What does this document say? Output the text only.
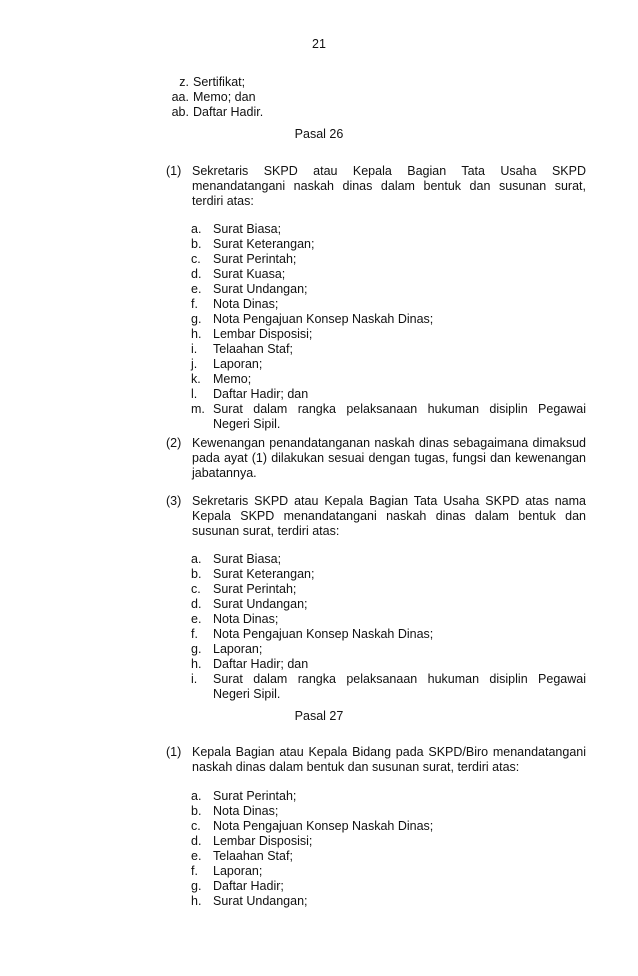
21
z. Sertifikat;
aa. Memo; dan
ab. Daftar Hadir.
Pasal 26
(1) Sekretaris SKPD atau Kepala Bagian Tata Usaha SKPD
menandatangani naskah dinas dalam bentuk dan susunan surat,
terdiri atas:
a. Surat Biasa;
b. Surat Keterangan;
c. Surat Perintah;
d. Surat Kuasa;
e. Surat Undangan;
f.	Nota Dinas;
g. Nota Pengajuan Konsep Naskah Dinas;
h. Lembar Disposisi;
i.	Telaahan Staf;
j.	Laporan;
k. Memo;
l.	Daftar Hadir; dan
m. Surat dalam rangka pelaksanaan hukuman disiplin Pegawai
Negeri Sipil.
(2) Kewenangan penandatanganan naskah dinas sebagaimana dimaksud
pada ayat (1) dilakukan sesuai dengan tugas, fungsi dan kewenangan
jabatannya.
(3) Sekretaris SKPD atau Kepala Bagian Tata Usaha SKPD atas nama
Kepala SKPD menandatangani naskah dinas dalam bentuk dan
susunan surat, terdiri atas:
a. Surat Biasa;
b. Surat Keterangan;
c. Surat Perintah;
d. Surat Undangan;
e. Nota Dinas;
f.	Nota Pengajuan Konsep Naskah Dinas;
g. Laporan;
h. Daftar Hadir; dan
i.	Surat dalam rangka pelaksanaan hukuman disiplin Pegawai
Negeri Sipil.
Pasal 27
(1) Kepala Bagian atau Kepala Bidang pada SKPD/Biro menandatangani
naskah dinas dalam bentuk dan susunan surat, terdiri atas:
a. Surat Perintah;
b. Nota Dinas;
c. Nota Pengajuan Konsep Naskah Dinas;
d. Lembar Disposisi;
e. Telaahan Staf;
f.	Laporan;
g. Daftar Hadir;
h. Surat Undangan;
